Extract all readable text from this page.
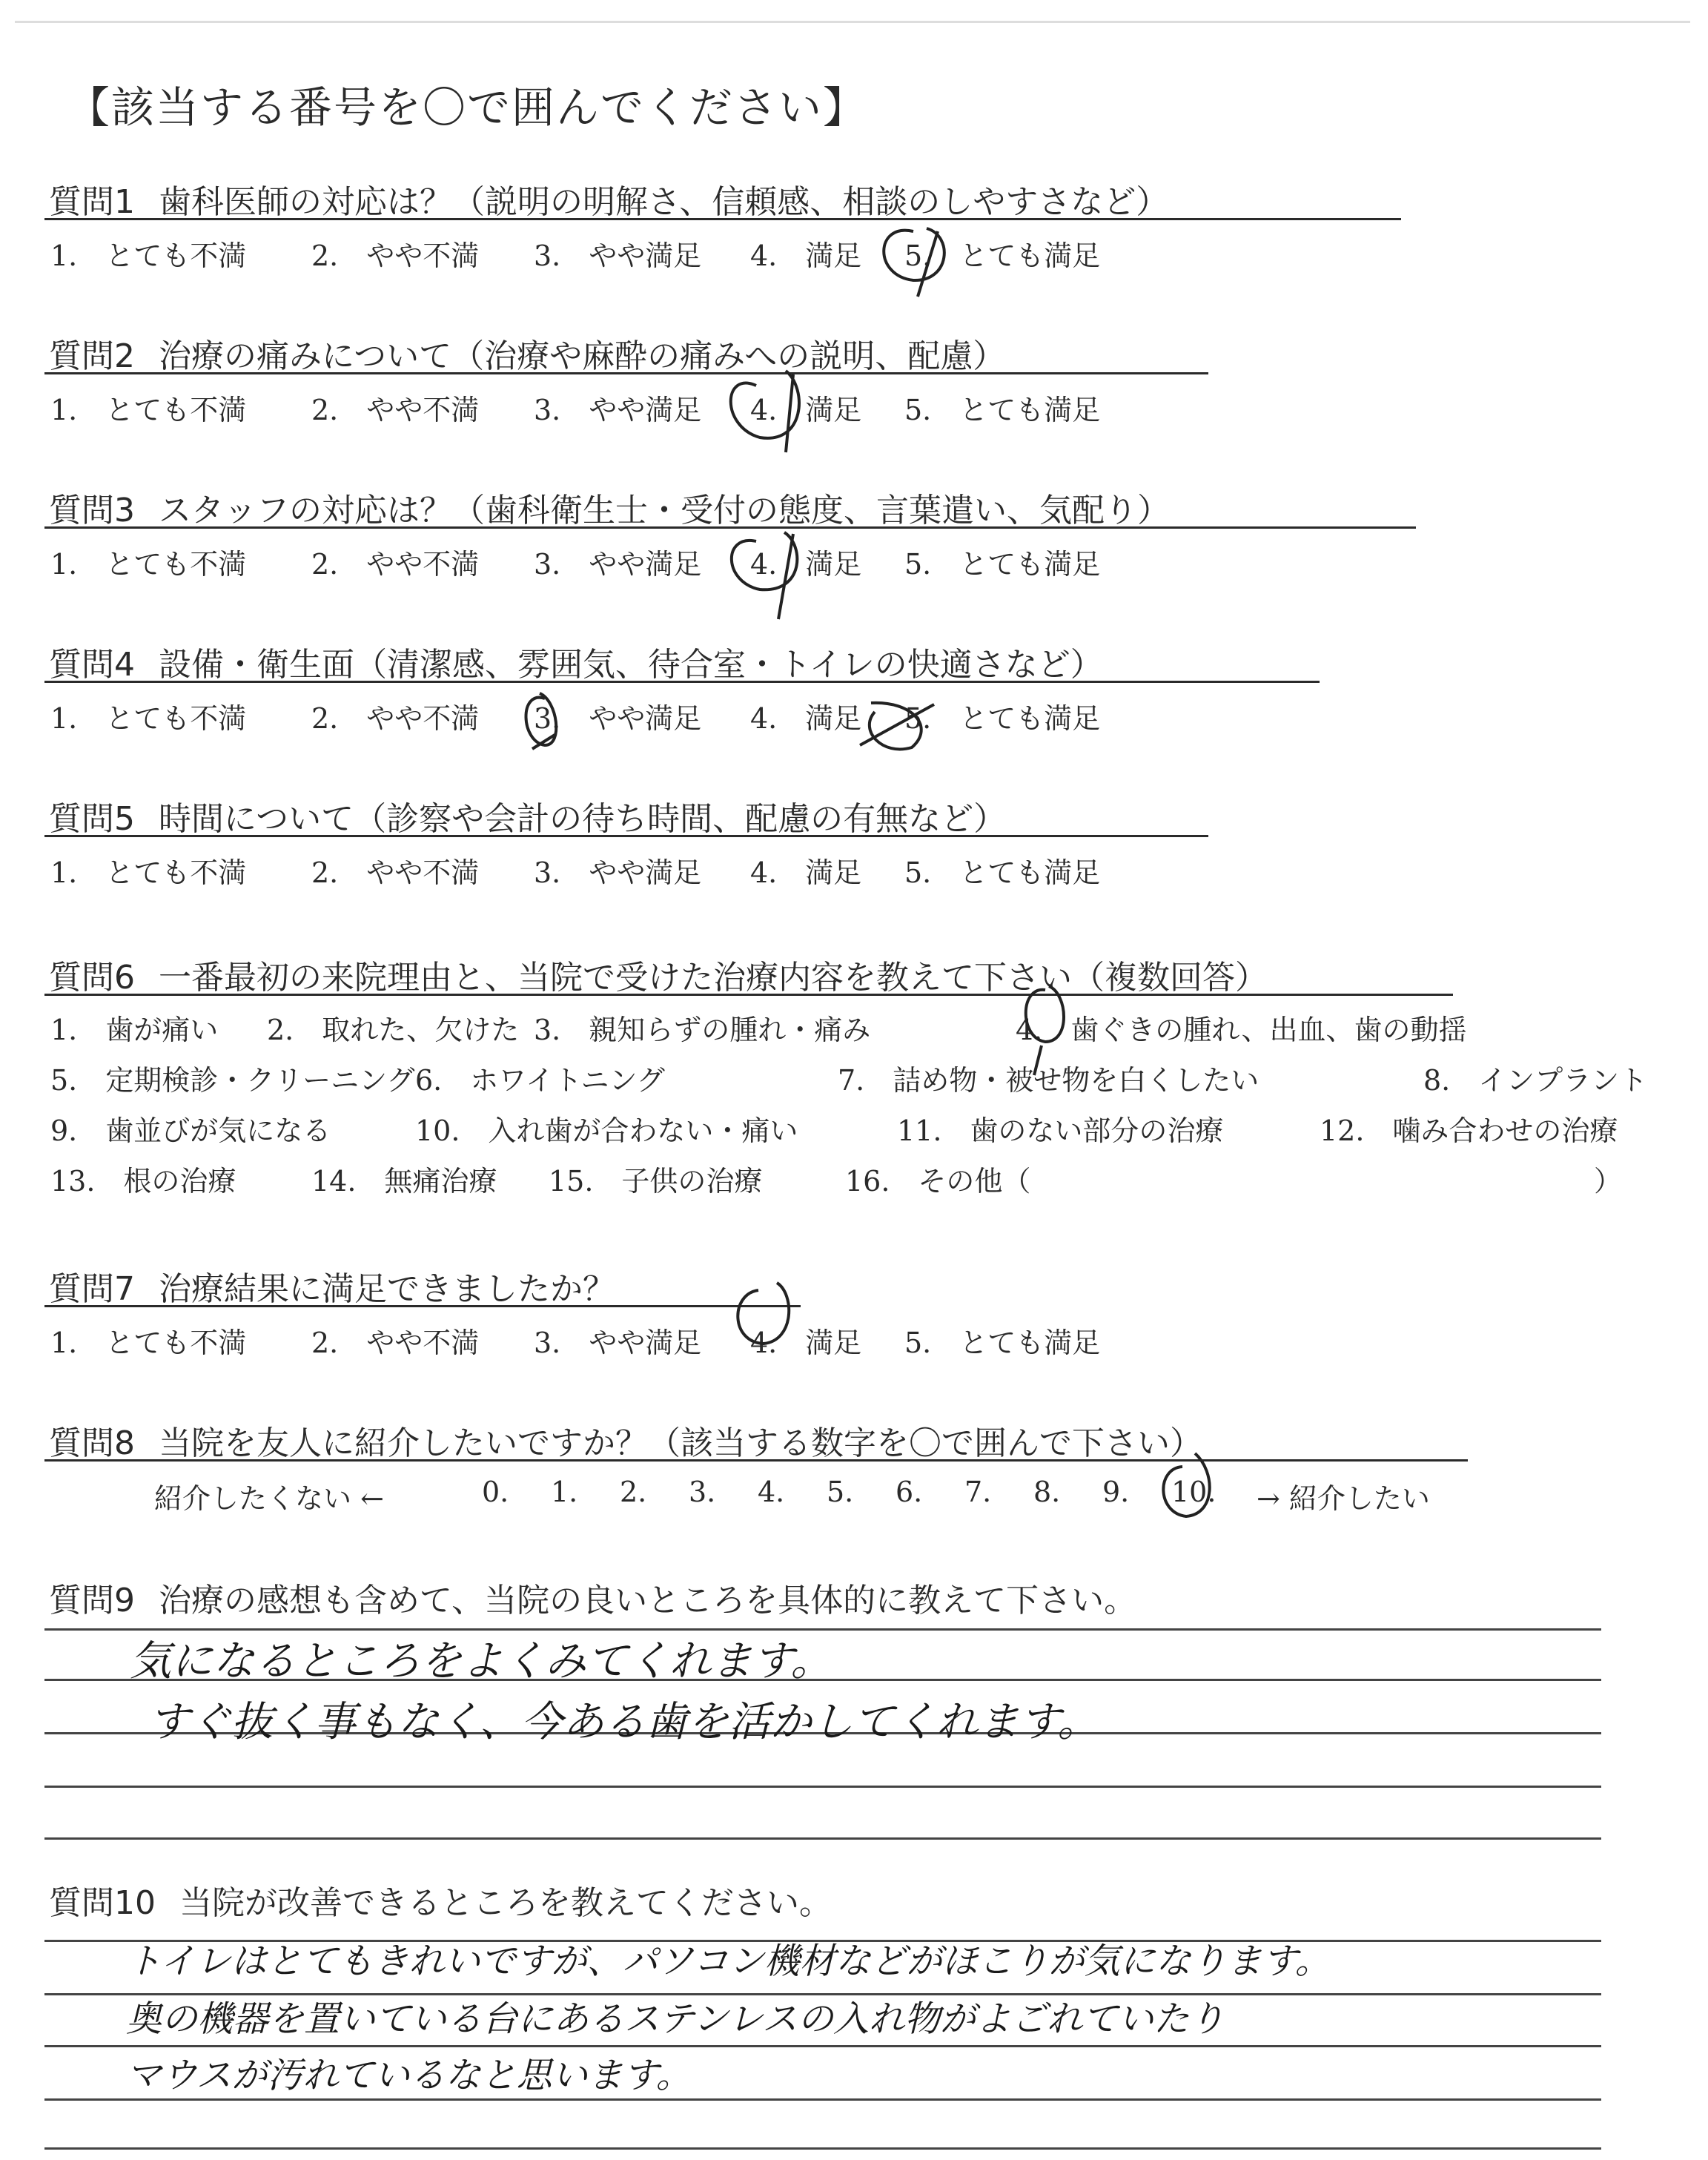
【該当する番号を〇で囲んでください】
質問1 歯科医師の対応は？（説明の明解さ、信頼感、相談のしやすさなど）
1.　とても不満 2.　やや不満 3.　やや満足 4.　満足 5.　とても満足
質問2 治療の痛みについて（治療や麻酔の痛みへの説明、配慮）
1.　とても不満 2.　やや不満 3.　やや満足 4.　満足 5.　とても満足
質問3 スタッフの対応は？（歯科衛生士・受付の態度、言葉遣い、気配り）
1.　とても不満 2.　やや不満 3.　やや満足 4.　満足 5.　とても満足
質問4 設備・衛生面（清潔感、雰囲気、待合室・トイレの快適さなど）
1.　とても不満 2.　やや不満 3.　やや満足 4.　満足 5.　とても満足
質問5 時間について（診察や会計の待ち時間、配慮の有無など）
1.　とても不満 2.　やや不満 3.　やや満足 4.　満足 5.　とても満足
質問6 一番最初の来院理由と、当院で受けた治療内容を教えて下さい（複数回答）
1.　歯が痛い 2.　取れた、欠けた 3.　親知らずの腫れ・痛み	4.　歯ぐきの腫れ、出血、歯の動揺
5.　定期検診・クリーニング 6.　ホワイトニング	7.　詰め物・被せ物を白くしたい	8.　インプラント
9.　歯並びが気になる	10.　入れ歯が合わない・痛い	11.　歯のない部分の治療	12.　噛み合わせの治療
13.　根の治療	14.　無痛治療 15.　子供の治療	16.　その他（	）
質問7 治療結果に満足できましたか？
1.　とても不満 2.　やや不満 3.　やや満足 4.　満足 5.　とても満足
質問8 当院を友人に紹介したいですか？（該当する数字を〇で囲んで下さい）
紹介したくない ←	0. 1. 2. 3. 4. 5. 6. 7. 8. 9. 10. → 紹介したい
質問9 治療の感想も含めて、当院の良いところを具体的に教えて下さい。
気になるところをよくみてくれます。
すぐ抜く事もなく、今ある歯を活かしてくれます。
質問10 当院が改善できるところを教えてください。
トイレはとてもきれいですが、パソコン機材などがほこりが気になります。
奥の機器を置いている台にあるステンレスの入れ物がよごれていたり
マウスが汚れているなと思います。
